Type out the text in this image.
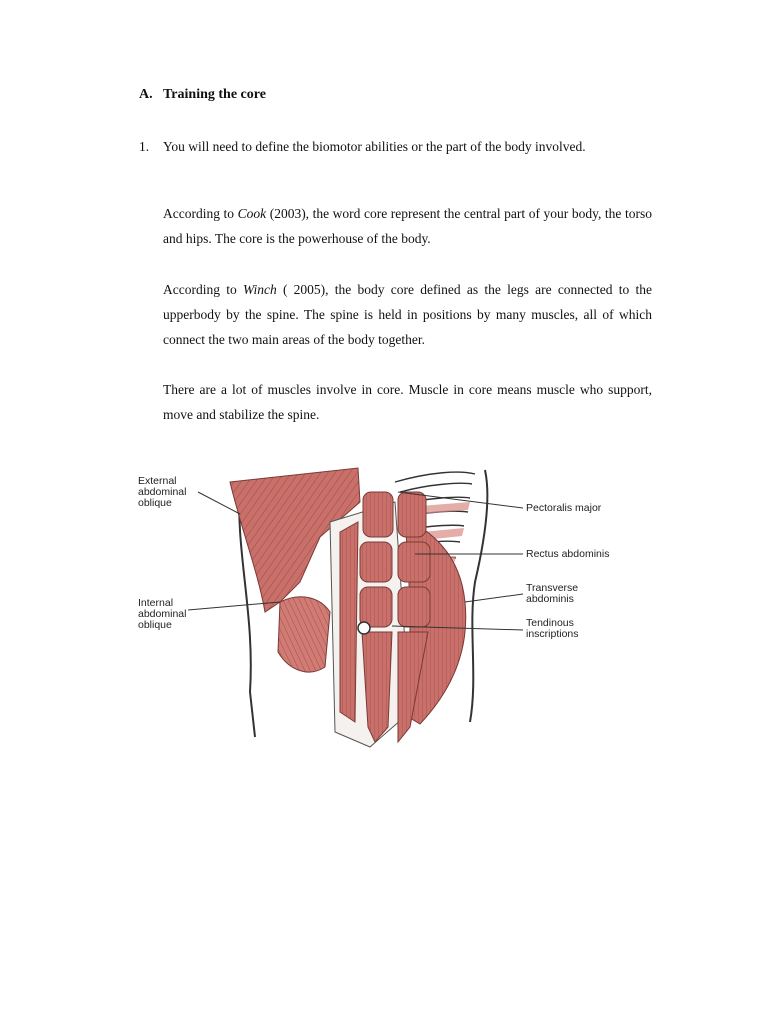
A. Training the core
1.	You will need to define the biomotor abilities or the part of the body involved.
According to Cook (2003), the word core represent the central part of your body, the torso and hips. The core is the powerhouse of the body.
According to Winch ( 2005), the body core defined as the legs are connected to the upperbody by the spine. The spine is held in positions by many muscles, all of which connect the two main areas of the body together.
There are a lot of muscles involve in core. Muscle in core means muscle who support, move and stabilize the spine.
External
abdominal
oblique
Internal
abdominal
oblique
Pectoralis major
Rectus abdominis
Transverse
abdominis
Tendinous
inscriptions
